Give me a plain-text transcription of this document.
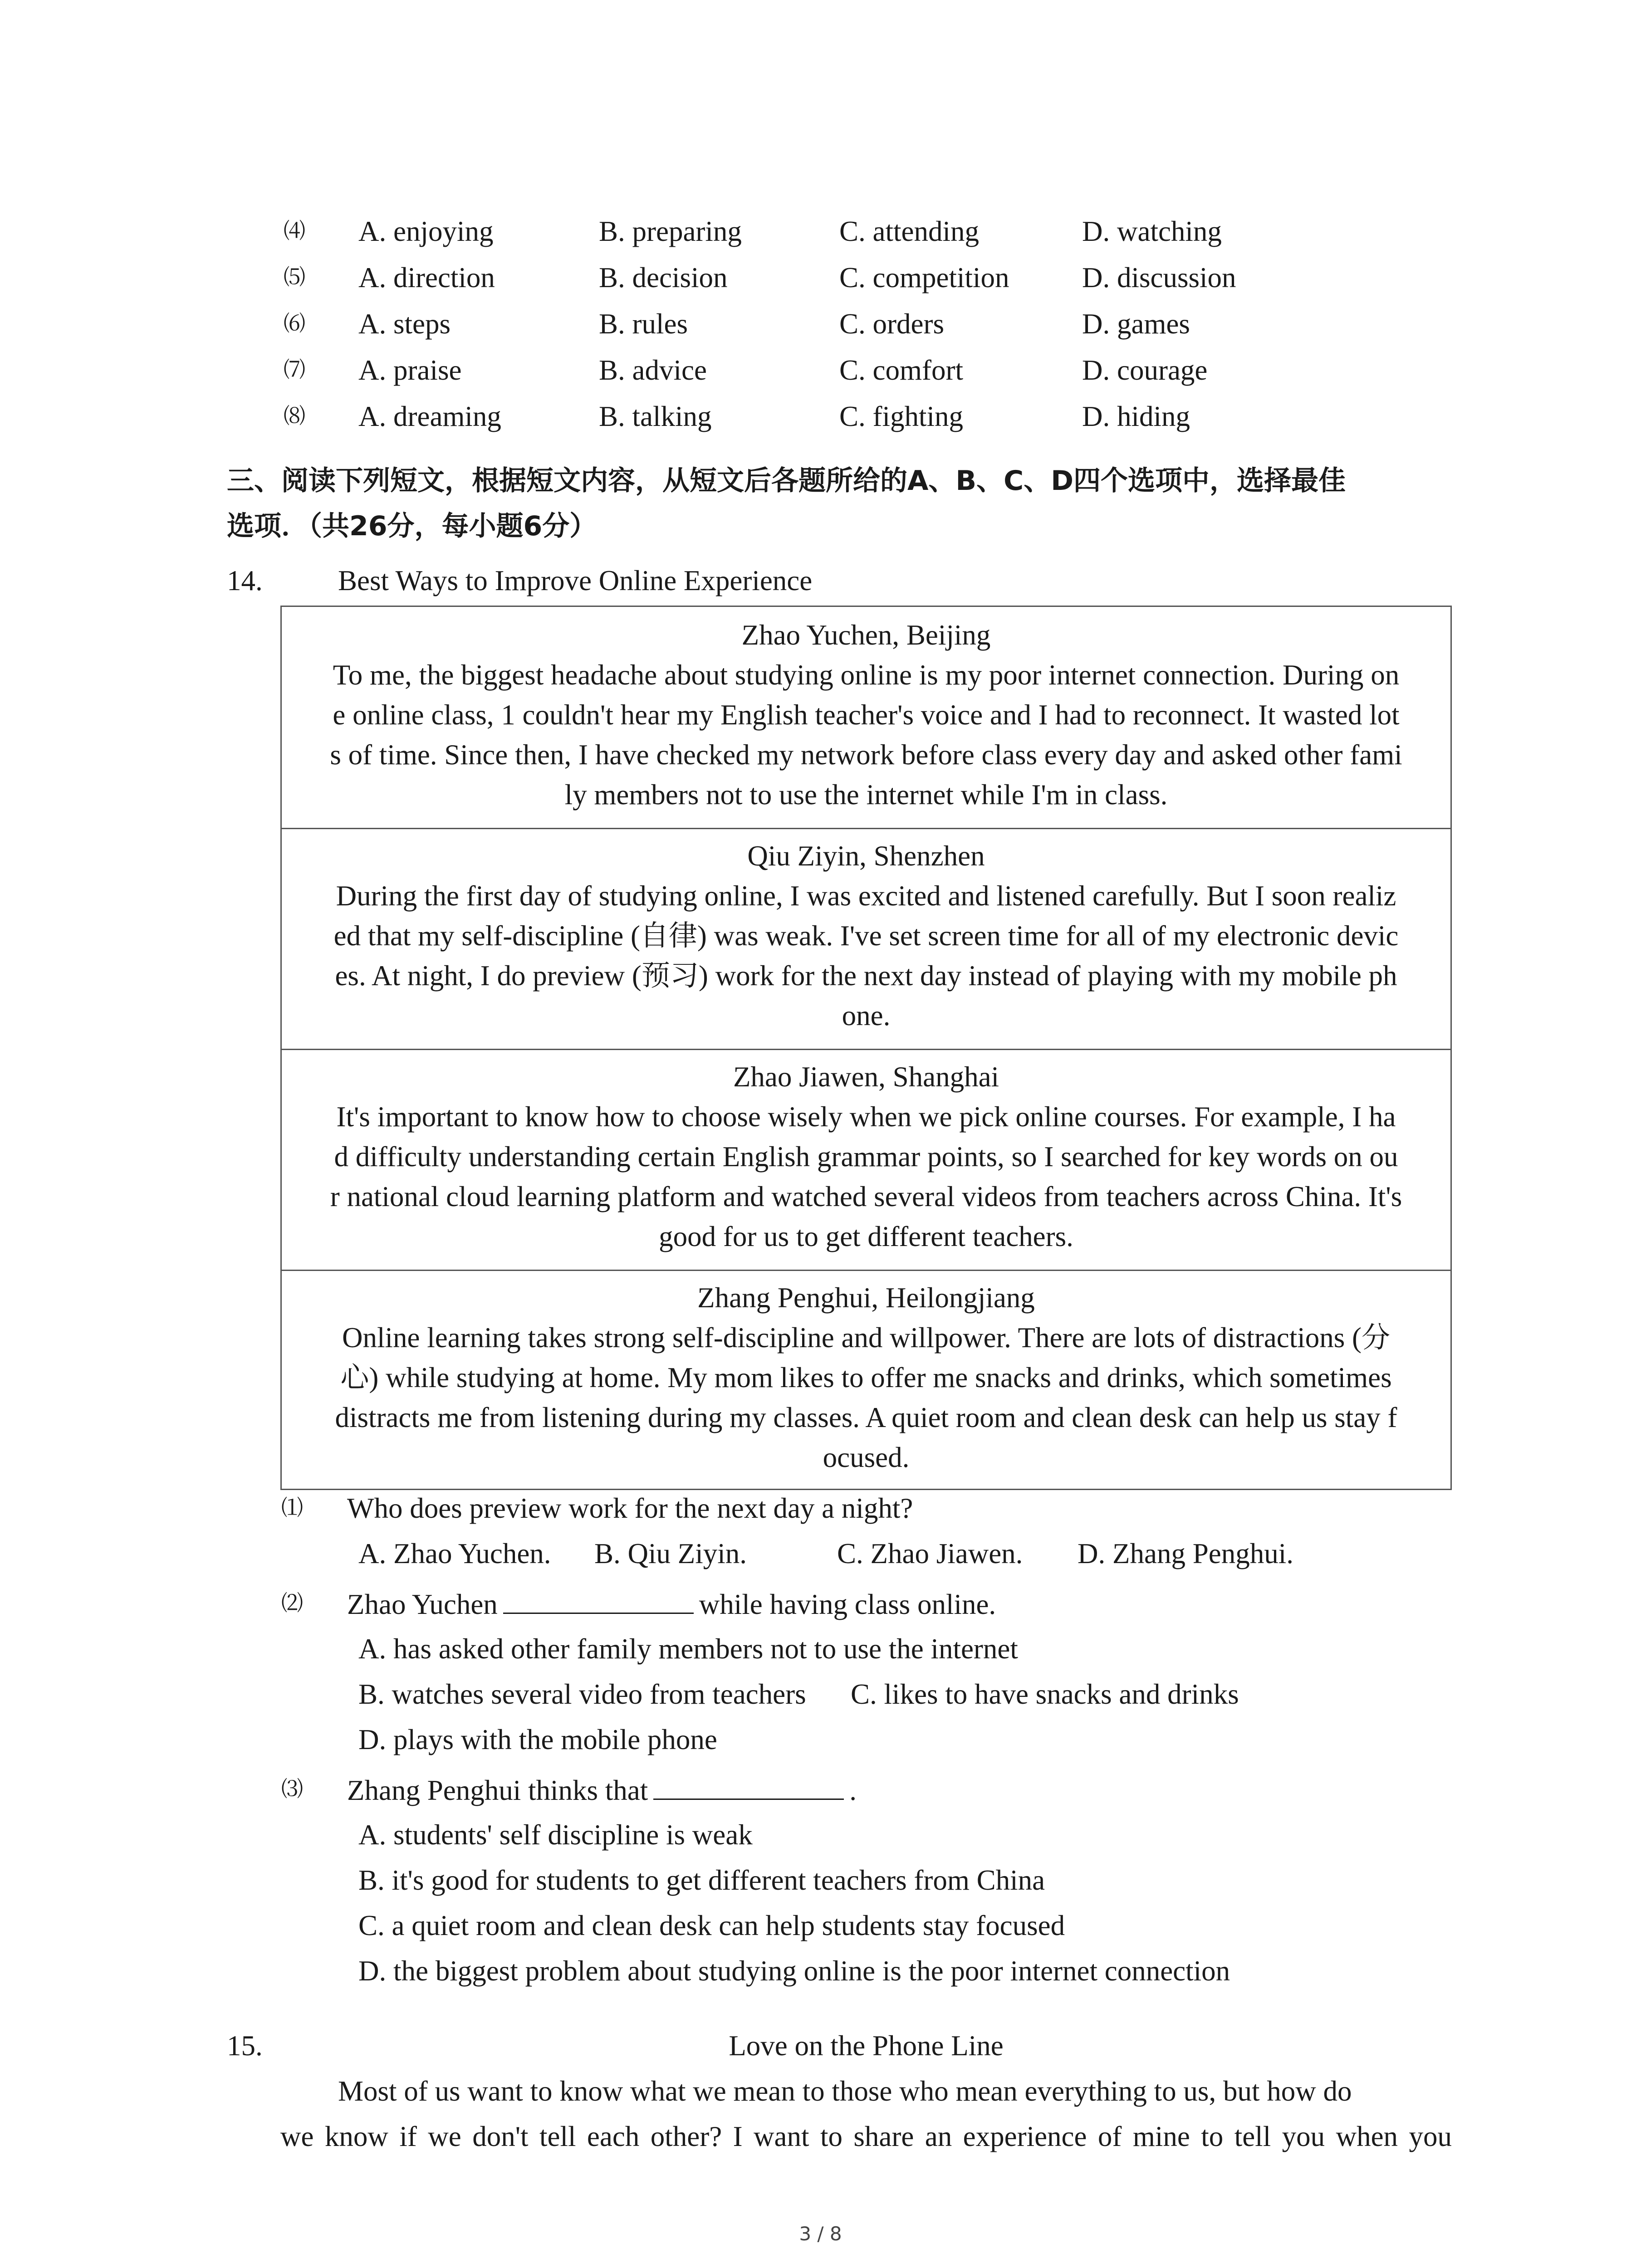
⑷ A. enjoying	B. preparing	C. attending	D. watching
⑸ A. direction	B. decision	C. competition	D. discussion
⑹ A. steps	B. rules	C. orders	D. games
⑺ A. praise	B. advice	C. comfort	D. courage
⑻ A. dreaming	B. talking	C. fighting	D. hiding
三、阅读下列短文，根据短文内容，从短文后各题所给的A、B、C、D四个选项中，选择最佳
选项．（共26分，每小题6分）
14.	Best Ways to Improve Online Experience
Zhao Yuchen, Beijing
To me, the biggest headache about studying online is my poor internet connection. During on
e online class, 1 couldn't hear my English teacher's voice and I had to reconnect. It wasted lot
s of time. Since then, I have checked my network before class every day and asked other fami
ly members not to use the internet while I'm in class.
Qiu Ziyin, Shenzhen
During the first day of studying online, I was excited and listened carefully. But I soon realiz
ed that my self-discipline (自律) was weak. I've set screen time for all of my electronic devic
es. At night, I do preview (预习) work for the next day instead of playing with my mobile ph
one.
Zhao Jiawen, Shanghai
It's important to know how to choose wisely when we pick online courses. For example, I ha
d difficulty understanding certain English grammar points, so I searched for key words on ou
r national cloud learning platform and watched several videos from teachers across China. It's
good for us to get different teachers.
Zhang Penghui, Heilongjiang
Online learning takes strong self-discipline and willpower. There are lots of distractions (分
心) while studying at home. My mom likes to offer me snacks and drinks, which sometimes
distracts me from listening during my classes. A quiet room and clean desk can help us stay f
ocused.
⑴ Who does preview work for the next day a night?
A. Zhao Yuchen. B. Qiu Ziyin.	C. Zhao Jiawen. D. Zhang Penghui.
⑵ Zhao Yuchen	while having class online.
A. has asked other family members not to use the internet
B. watches several video from teachers C. likes to have snacks and drinks
D. plays with the mobile phone
⑶ Zhang Penghui thinks that	.
A. students' self discipline is weak
B. it's good for students to get different teachers from China
C. a quiet room and clean desk can help students stay focused
D. the biggest problem about studying online is the poor internet connection
15.	Love on the Phone Line
Most of us want to know what we mean to those who mean everything to us, but how do
we know if we don't tell each other? I want to share an experience of mine to tell you when you
3 / 8
